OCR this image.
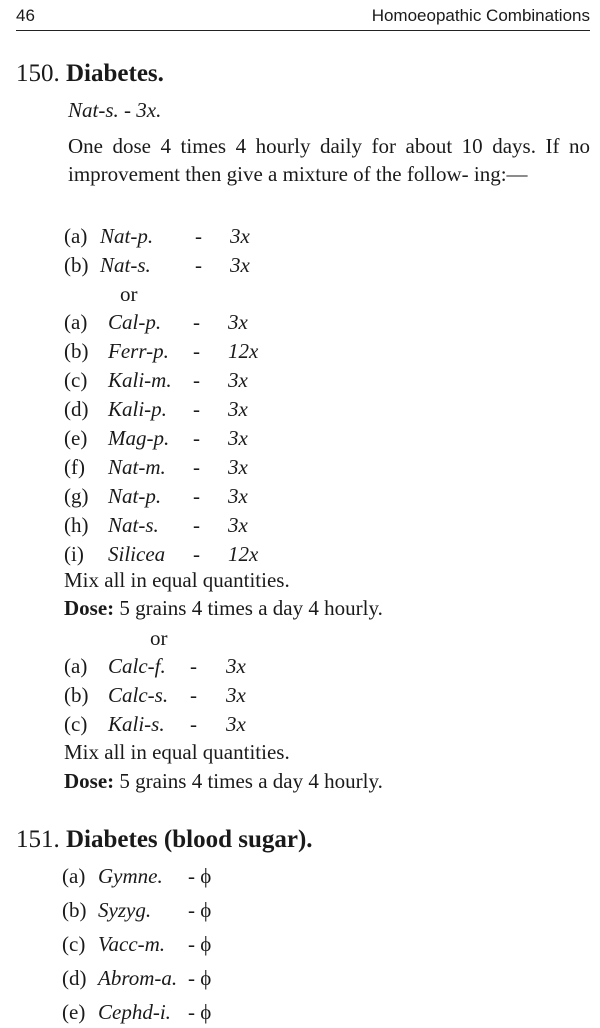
46	Homoeopathic Combinations
150. Diabetes.
Nat-s. - 3x.
One dose 4 times 4 hourly daily for about 10 days. If no improvement then give a mixture of the follow- ing:—
(a) Nat-p. - 3x
(b) Nat-s. - 3x
or
(a) Cal-p. - 3x
(b) Ferr-p. - 12x
(c) Kali-m. - 3x
(d) Kali-p. - 3x
(e) Mag-p. - 3x
(f) Nat-m. - 3x
(g) Nat-p. - 3x
(h) Nat-s. - 3x
(i) Silicea - 12x
Mix all in equal quantities.
Dose: 5 grains 4 times a day 4 hourly.
or
(a) Calc-f. - 3x
(b) Calc-s. - 3x
(c) Kali-s. - 3x
Mix all in equal quantities.
Dose: 5 grains 4 times a day 4 hourly.
151. Diabetes (blood sugar).
(a) Gymne. - ϕ
(b) Syzyg. - ϕ
(c) Vacc-m. - ϕ
(d) Abrom-a. - ϕ
(e) Cephd-i. - ϕ
